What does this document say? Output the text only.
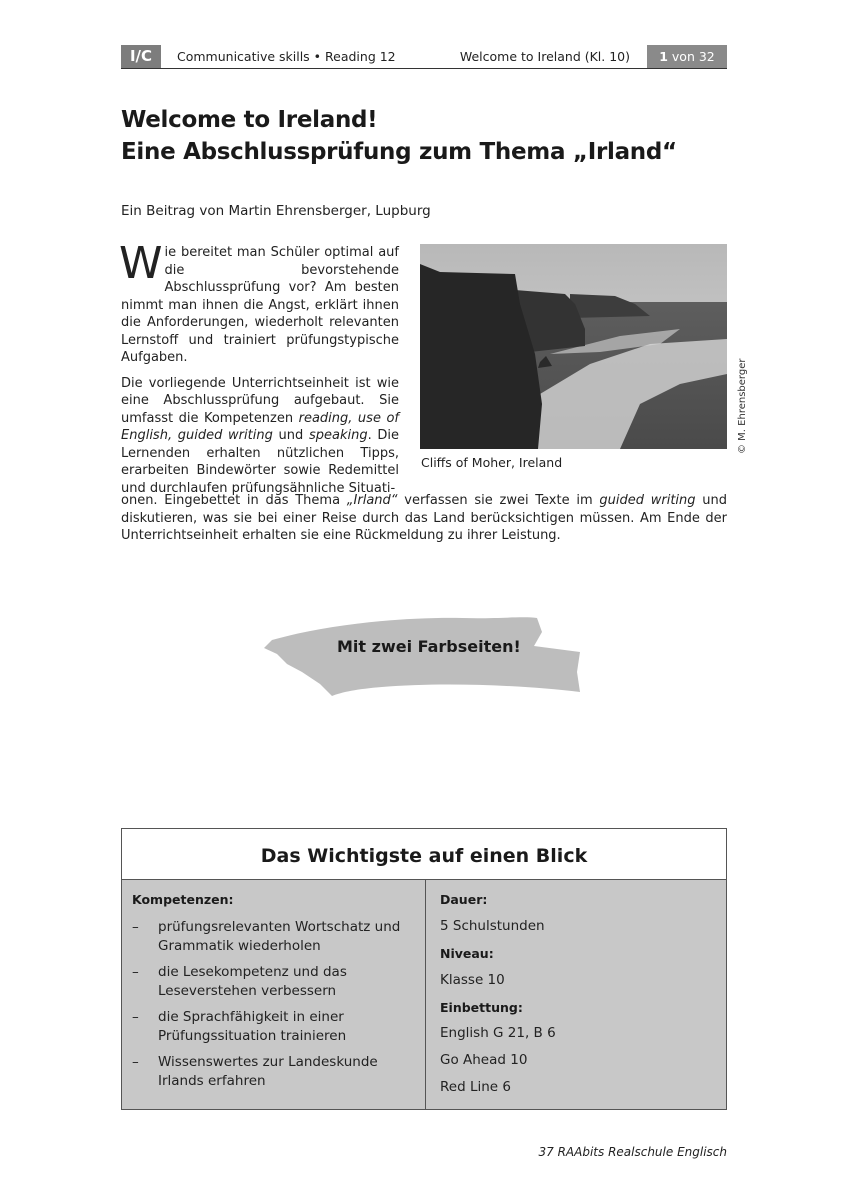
I/C	Communicative skills • Reading 12	Welcome to Ireland (Kl. 10)	1 von 32
Welcome to Ireland!
Eine Abschlussprüfung zum Thema „Irland“
Ein Beitrag von Martin Ehrensberger, Lupburg

Wie bereitet man Schüler optimal auf die bevorstehende Abschlussprüfung vor? Am besten nimmt man ihnen die Angst, erklärt ihnen die Anforderungen, wiederholt relevanten Lernstoff und trainiert prüfungstypische Aufgaben.

Die vorliegende Unterrichtseinheit ist wie eine Abschlussprüfung aufgebaut. Sie umfasst die Kompetenzen reading, use of English, guided writing und speaking. Die Lernenden erhalten nützlichen Tipps, erarbeiten Bindewörter sowie Redemittel und durchlaufen prüfungsähnliche Situati-

onen. Eingebettet in das Thema „Irland“ verfassen sie zwei Texte im guided writing und diskutieren, was sie bei einer Reise durch das Land berücksichtigen müssen. Am Ende der Unterrichtseinheit erhalten sie eine Rückmeldung zu ihrer Leistung.

Cliffs of Moher, Ireland
© M. Ehrensberger
Mit zwei Farbseiten!
Das Wichtigste auf einen Blick
Kompetenzen:
– prüfungsrelevanten Wortschatz und Grammatik wiederholen
– die Lesekompetenz und das Leseverstehen verbessern
– die Sprachfähigkeit in einer Prüfungssituation trainieren
– Wissenswertes zur Landeskunde Irlands erfahren
Dauer:
5 Schulstunden
Niveau:
Klasse 10
Einbettung:
English G 21, B 6
Go Ahead 10
Red Line 6
37 RAAbits Realschule Englisch
